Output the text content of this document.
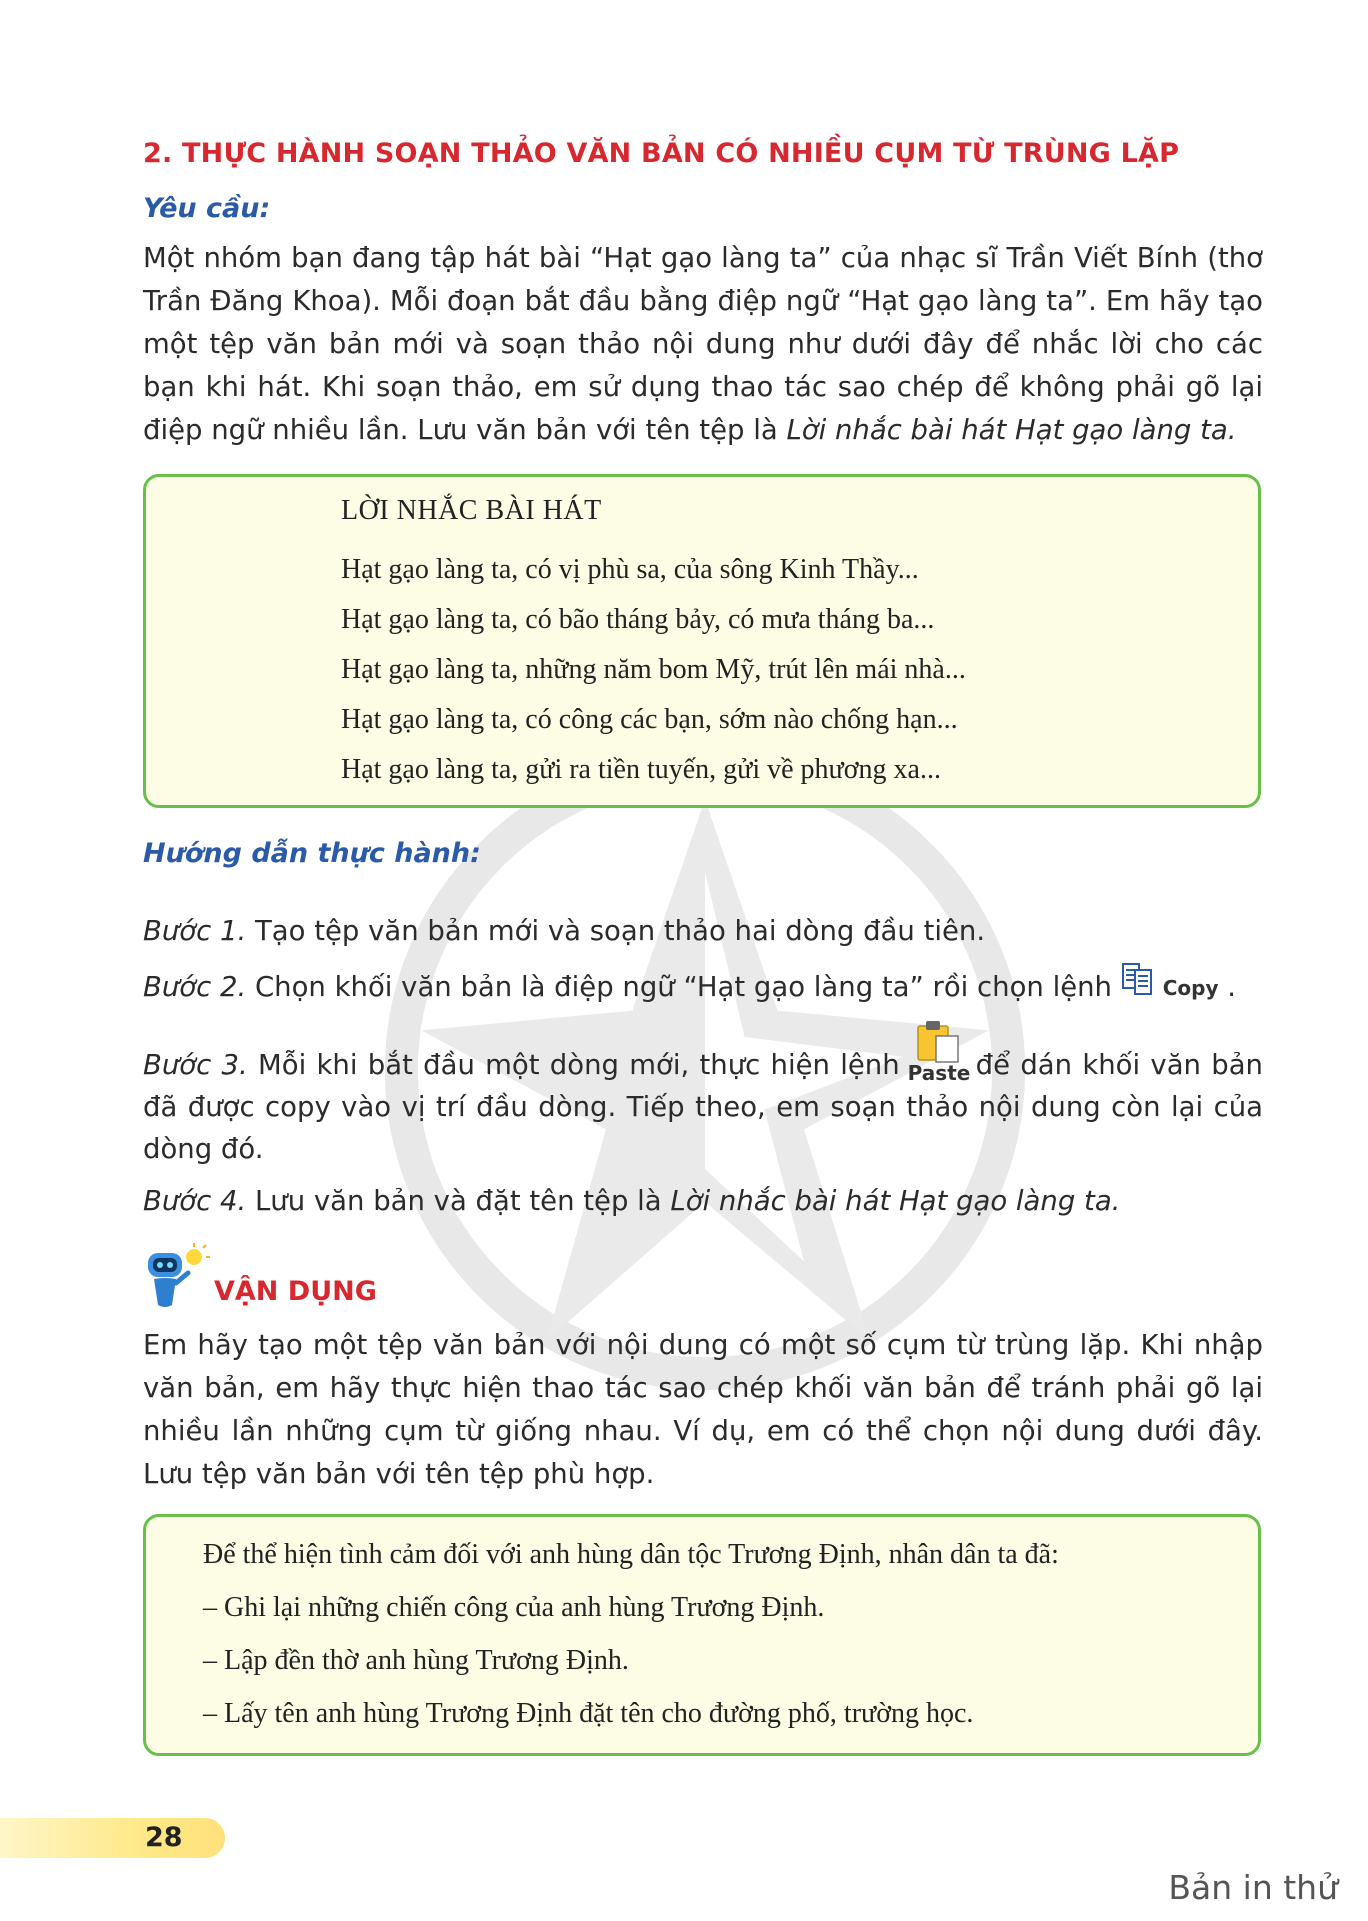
2. THỰC HÀNH SOẠN THẢO VĂN BẢN CÓ NHIỀU CỤM TỪ TRÙNG LẶP
Yêu cầu:

Một nhóm bạn đang tập hát bài “Hạt gạo làng ta” của nhạc sĩ Trần Viết Bính (thơ Trần Đăng Khoa). Mỗi đoạn bắt đầu bằng điệp ngữ “Hạt gạo làng ta”. Em hãy tạo một tệp văn bản mới và soạn thảo nội dung như dưới đây để nhắc lời cho các bạn khi hát. Khi soạn thảo, em sử dụng thao tác sao chép để không phải gõ lại điệp ngữ nhiều lần. Lưu văn bản với tên tệp là Lời nhắc bài hát Hạt gạo làng ta.

LỜI NHẮC BÀI HÁT
Hạt gạo làng ta, có vị phù sa, của sông Kinh Thầy...
Hạt gạo làng ta, có bão tháng bảy, có mưa tháng ba...
Hạt gạo làng ta, những năm bom Mỹ, trút lên mái nhà...
Hạt gạo làng ta, có công các bạn, sớm nào chống hạn...
Hạt gạo làng ta, gửi ra tiền tuyến, gửi về phương xa...
Hướng dẫn thực hành:

Bước 1. Tạo tệp văn bản mới và soạn thảo hai dòng đầu tiên.

Bước 2. Chọn khối văn bản là điệp ngữ “Hạt gạo làng ta” rồi chọn lệnh Copy .

Bước 3. Mỗi khi bắt đầu một dòng mới, thực hiện lệnh Paste để dán khối văn bản đã được copy vào vị trí đầu dòng. Tiếp theo, em soạn thảo nội dung còn lại của dòng đó.

Bước 4. Lưu văn bản và đặt tên tệp là Lời nhắc bài hát Hạt gạo làng ta.

VẬN DỤNG

Em hãy tạo một tệp văn bản với nội dung có một số cụm từ trùng lặp. Khi nhập văn bản, em hãy thực hiện thao tác sao chép khối văn bản để tránh phải gõ lại nhiều lần những cụm từ giống nhau. Ví dụ, em có thể chọn nội dung dưới đây. Lưu tệp văn bản với tên tệp phù hợp.

Để thể hiện tình cảm đối với anh hùng dân tộc Trương Định, nhân dân ta đã:
– Ghi lại những chiến công của anh hùng Trương Định.
– Lập đền thờ anh hùng Trương Định.
– Lấy tên anh hùng Trương Định đặt tên cho đường phố, trường học.
28
Bản in thử
